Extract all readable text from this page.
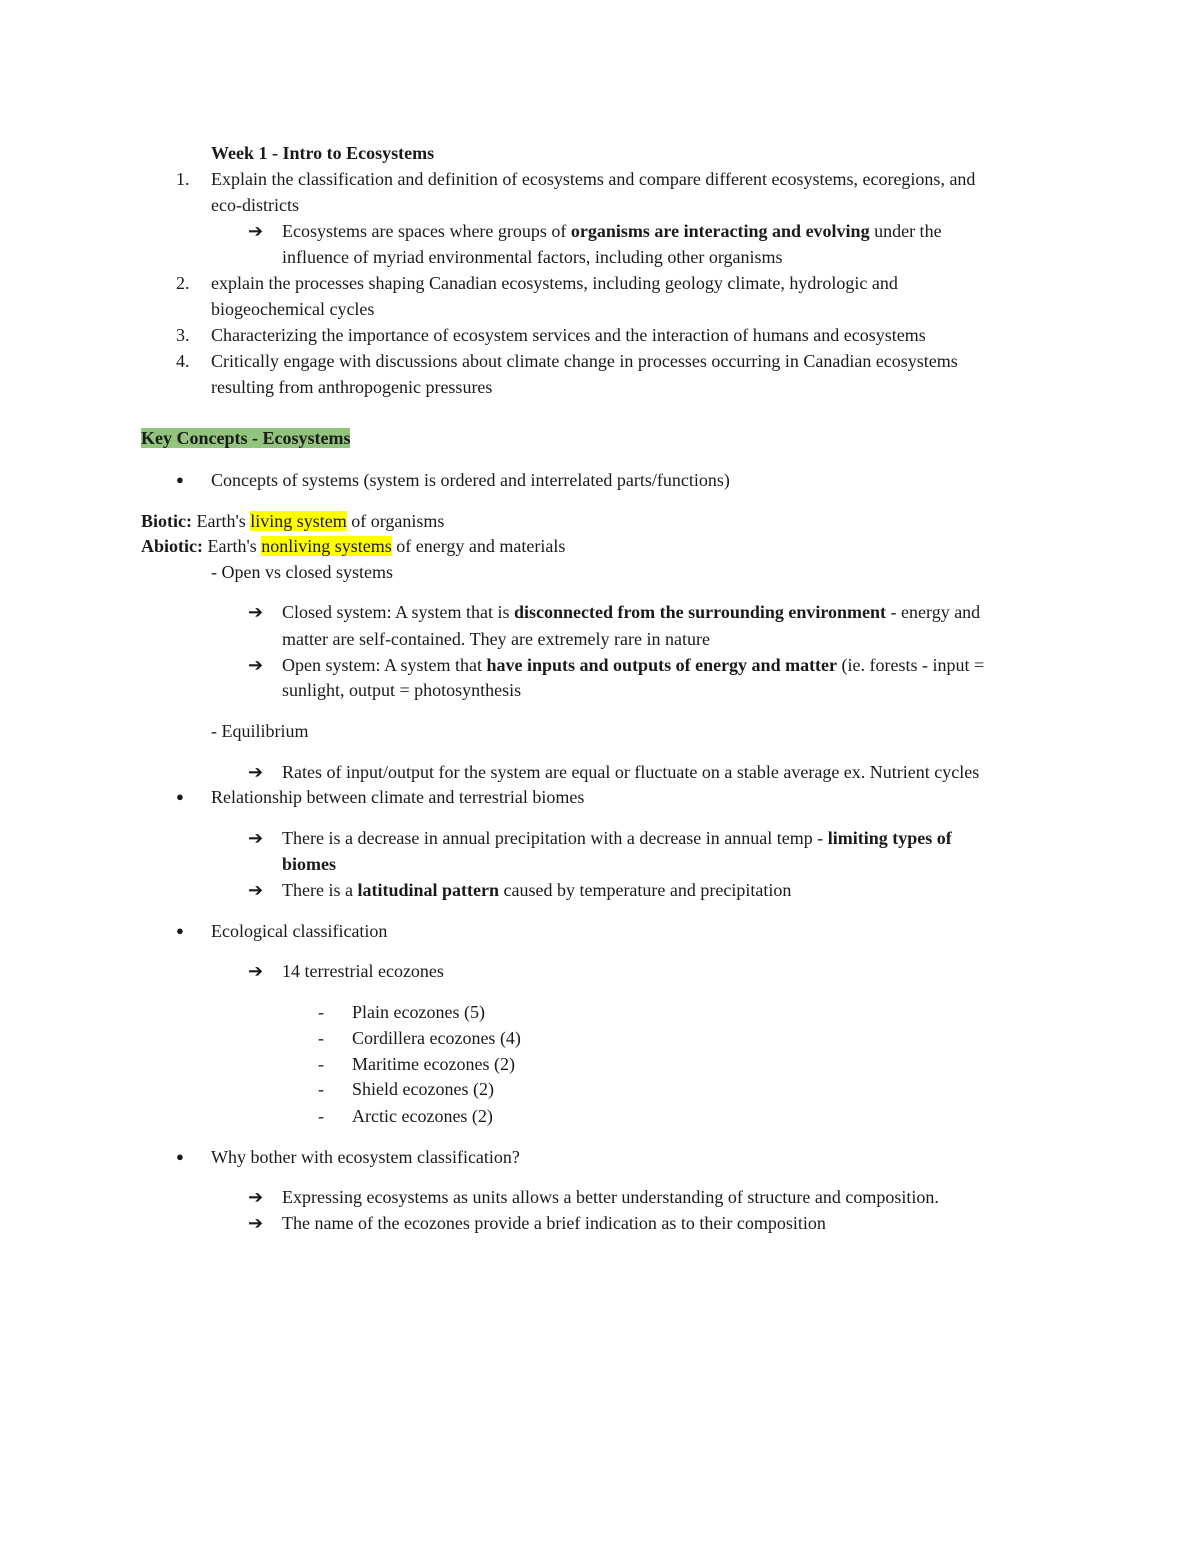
Week 1 - Intro to Ecosystems
1. Explain the classification and definition of ecosystems and compare different ecosystems, ecoregions, and
eco-districts
➔ Ecosystems are spaces where groups of organisms are interacting and evolving under the
influence of myriad environmental factors, including other organisms
2. explain the processes shaping Canadian ecosystems, including geology climate, hydrologic and
biogeochemical cycles
3. Characterizing the importance of ecosystem services and the interaction of humans and ecosystems
4. Critically engage with discussions about climate change in processes occurring in Canadian ecosystems
resulting from anthropogenic pressures
Key Concepts - Ecosystems
● Concepts of systems (system is ordered and interrelated parts/functions)
Biotic: Earth's living system of organisms
Abiotic: Earth's nonliving systems of energy and materials
- Open vs closed systems
➔ Closed system: A system that is disconnected from the surrounding environment - energy and
matter are self-contained. They are extremely rare in nature
➔ Open system: A system that have inputs and outputs of energy and matter (ie. forests - input =
sunlight, output = photosynthesis
- Equilibrium
➔ Rates of input/output for the system are equal or fluctuate on a stable average ex. Nutrient cycles
● Relationship between climate and terrestrial biomes
➔ There is a decrease in annual precipitation with a decrease in annual temp - limiting types of
biomes
➔ There is a latitudinal pattern caused by temperature and precipitation
● Ecological classification
➔ 14 terrestrial ecozones
- Plain ecozones (5)
- Cordillera ecozones (4)
- Maritime ecozones (2)
- Shield ecozones (2)
- Arctic ecozones (2)
● Why bother with ecosystem classification?
➔ Expressing ecosystems as units allows a better understanding of structure and composition.
➔ The name of the ecozones provide a brief indication as to their composition
